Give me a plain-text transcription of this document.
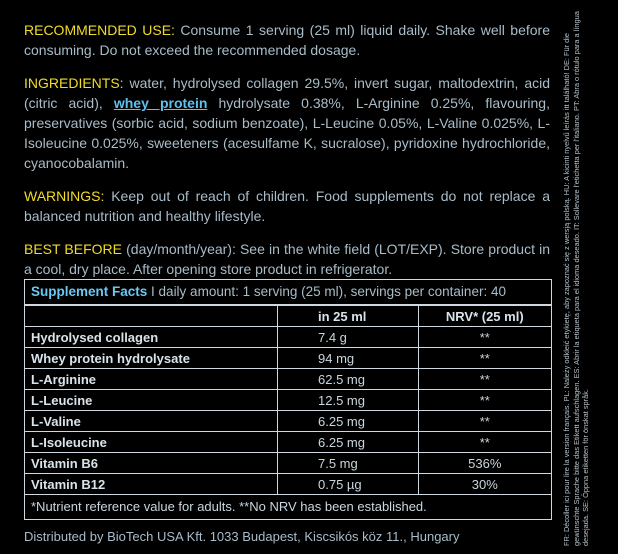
RECOMMENDED USE: Consume 1 serving (25 ml) liquid daily. Shake well before consuming. Do not exceed the recommended dosage.

INGREDIENTS: water, hydrolysed collagen 29.5%, invert sugar, maltodextrin, acid (citric acid), whey protein hydrolysate 0.38%, L-Arginine 0.25%, flavouring, preservatives (sorbic acid, sodium benzoate), L-Leucine 0.05%, L-Valine 0.025%, L-Isoleucine 0.025%, sweeteners (acesulfame K, sucralose), pyridoxine hydrochloride, cyanocobalamin.

WARNINGS: Keep out of reach of children. Food supplements do not replace a balanced nutrition and healthy lifestyle.

BEST BEFORE (day/month/year): See in the white field (LOT/EXP). Store product in a cool, dry place. After opening store product in refrigerator.

Supplement Facts I daily amount: 1 serving (25 ml), servings per container: 40
	in 25 ml	NRV* (25 ml)
Hydrolysed collagen	7.4 g	**
Whey protein hydrolysate	94 mg	**
L-Arginine	62.5 mg	**
L-Leucine	12.5 mg	**
L-Valine	6.25 mg	**
L-Isoleucine	6.25 mg	**
Vitamin B6	7.5 mg	536%
Vitamin B12	0.75 µg	30%
*Nutrient reference value for adults. **No NRV has been established.
Distributed by BioTech USA Kft. 1033 Budapest, Kiscsikós köz 11., Hungary	FR: Décoller ici pour lire la version français. PL: Należy odkleić etykietę, aby zapoznać się z wersją polską. HU: A kicinti nyelvű leírás itt található! DE: Für die gewünschte Sprache bitte das Etikett aufschlagen. ES: Abrir la etiqueta para el idioma deseado. IT: Sollevare l'etichetta per l'italiano. PT: Abra o rótulo para a língua desejada. SE: Öppna etiketten för önskat språk.
